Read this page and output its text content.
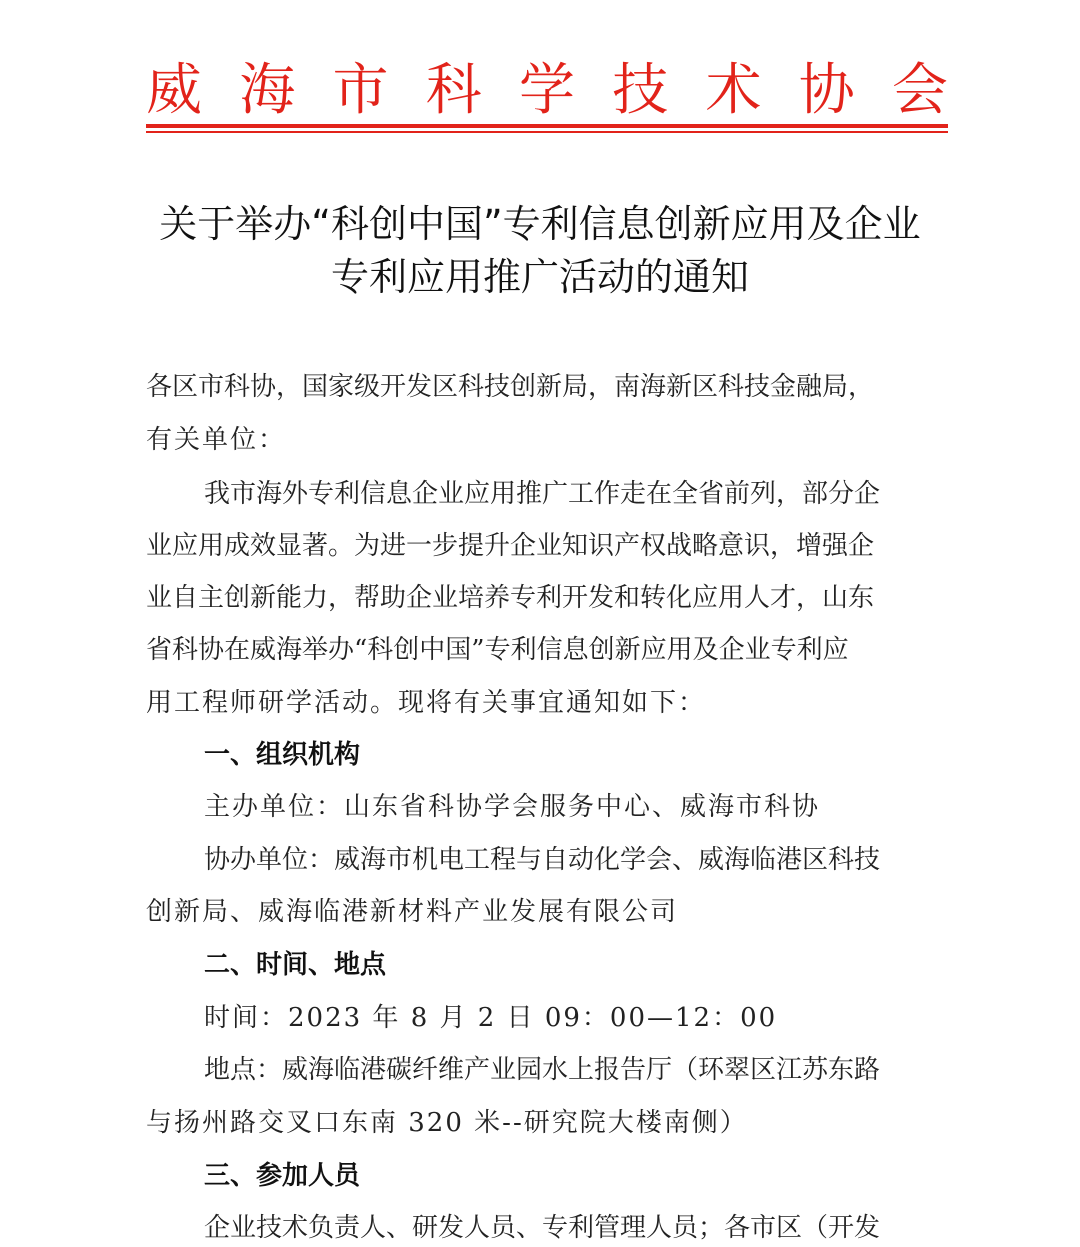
威 海 市 科 学 技 术 协 会
关于举办“科创中国”专利信息创新应用及企业
专利应用推广活动的通知
各区市科协，国家级开发区科技创新局，南海新区科技金融局，
有关单位：
我市海外专利信息企业应用推广工作走在全省前列，部分企
业应用成效显著。为进一步提升企业知识产权战略意识，增强企
业自主创新能力，帮助企业培养专利开发和转化应用人才，山东
省科协在威海举办“科创中国”专利信息创新应用及企业专利应
用工程师研学活动。现将有关事宜通知如下：
一、组织机构
主办单位：山东省科协学会服务中心、威海市科协
协办单位：威海市机电工程与自动化学会、威海临港区科技
创新局、威海临港新材料产业发展有限公司
二、时间、地点
时间：2023 年 8 月 2 日 09：00—12：00
地点：威海临港碳纤维产业园水上报告厅（环翠区江苏东路
与扬州路交叉口东南 320 米--研究院大楼南侧）
三、参加人员
企业技术负责人、研发人员、专利管理人员；各市区（开发
